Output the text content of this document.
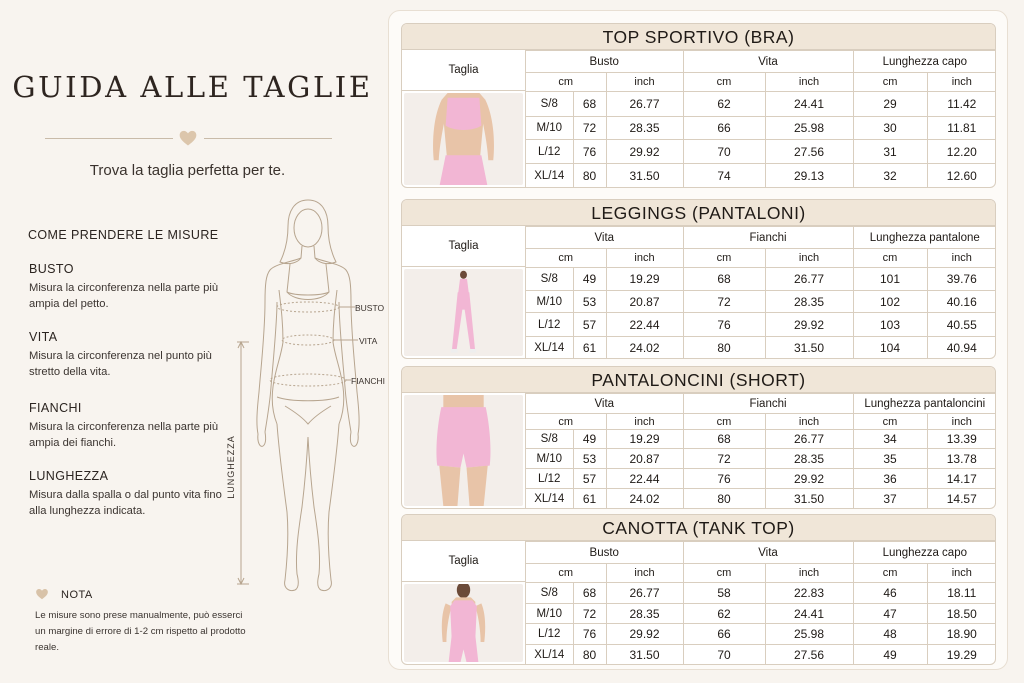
GUIDA ALLE TAGLIE
Trova la taglia perfetta per te.
COME PRENDERE LE MISURE
BUSTO
Misura la circonferenza nella parte più ampia del petto.
VITA
Misura la circonferenza nel punto più stretto della vita.
FIANCHI
Misura la circonferenza nella parte più ampia dei fianchi.
LUNGHEZZA
Misura dalla spalla o dal punto vita fino alla lunghezza indicata.
BUSTO
VITA
FIANCHI
LUNGHEZZA
NOTA
Le misure sono prese manualmente, può esserci un margine di errore di 1-2 cm rispetto al prodotto reale.
TOP SPORTIVO (BRA)
Taglia
Busto			Vita		Lunghezza capo	
cm		inch	cm	inch	cm	inch
S/8	68	26.77	62	24.41	29	11.42
M/10	72	28.35	66	25.98	30	11.81
L/12	76	29.92	70	27.56	31	12.20
XL/14	80	31.50	74	29.13	32	12.60
LEGGINGS (PANTALONI)
Taglia
Vita			Fianchi		Lunghezza pantalone	
cm		inch	cm	inch	cm	inch
S/8	49	19.29	68	26.77	101	39.76
M/10	53	20.87	72	28.35	102	40.16
L/12	57	22.44	76	29.92	103	40.55
XL/14	61	24.02	80	31.50	104	40.94
PANTALONCINI (SHORT)
Vita			Fianchi		Lunghezza pantaloncini	
cm		inch	cm	inch	cm	inch
S/8	49	19.29	68	26.77	34	13.39
M/10	53	20.87	72	28.35	35	13.78
L/12	57	22.44	76	29.92	36	14.17
XL/14	61	24.02	80	31.50	37	14.57
CANOTTA (TANK TOP)
Taglia
Busto			Vita		Lunghezza capo	
cm		inch	cm	inch	cm	inch
S/8	68	26.77	58	22.83	46	18.11
M/10	72	28.35	62	24.41	47	18.50
L/12	76	29.92	66	25.98	48	18.90
XL/14	80	31.50	70	27.56	49	19.29
